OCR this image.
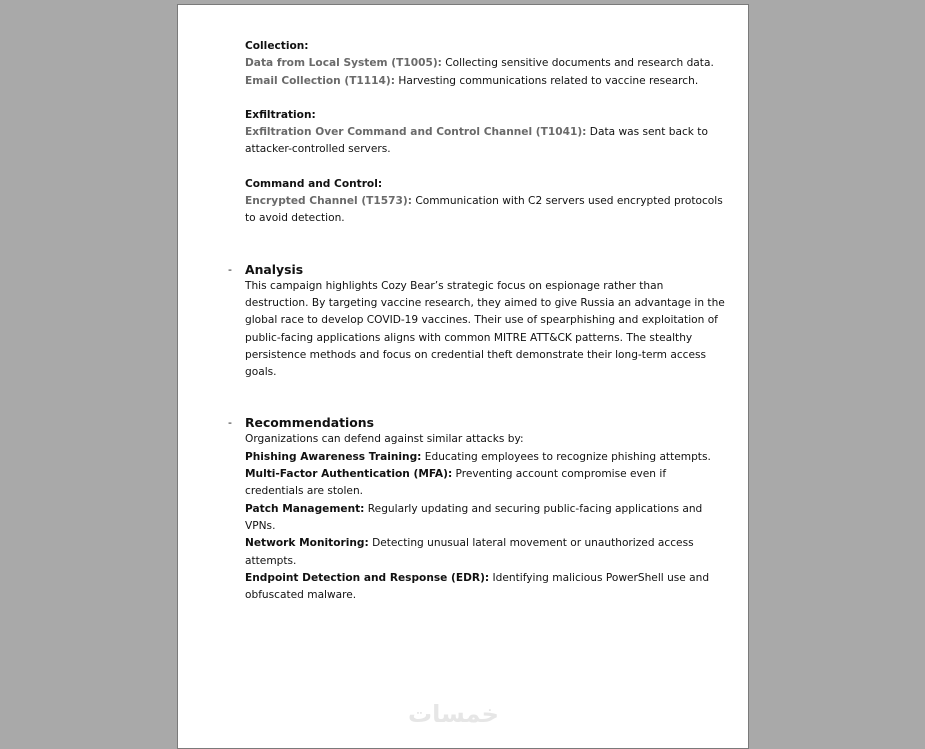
Collection:

Data from Local System (T1005): Collecting sensitive documents and research data.

Email Collection (T1114): Harvesting communications related to vaccine research.

Exfiltration:

Exfiltration Over Command and Control Channel (T1041): Data was sent back to attacker-controlled servers.

Command and Control:

Encrypted Channel (T1573): Communication with C2 servers used encrypted protocols to avoid detection.

- Analysis

This campaign highlights Cozy Bear’s strategic focus on espionage rather than destruction. By targeting vaccine research, they aimed to give Russia an advantage in the global race to develop COVID-19 vaccines. Their use of spearphishing and exploitation of public-facing applications aligns with common MITRE ATT&CK patterns. The stealthy persistence methods and focus on credential theft demonstrate their long-term access goals.

- Recommendations

Organizations can defend against similar attacks by:

Phishing Awareness Training: Educating employees to recognize phishing attempts.

Multi-Factor Authentication (MFA): Preventing account compromise even if credentials are stolen.

Patch Management: Regularly updating and securing public-facing applications and VPNs.

Network Monitoring: Detecting unusual lateral movement or unauthorized access attempts.

Endpoint Detection and Response (EDR): Identifying malicious PowerShell use and obfuscated malware.

خمسات
